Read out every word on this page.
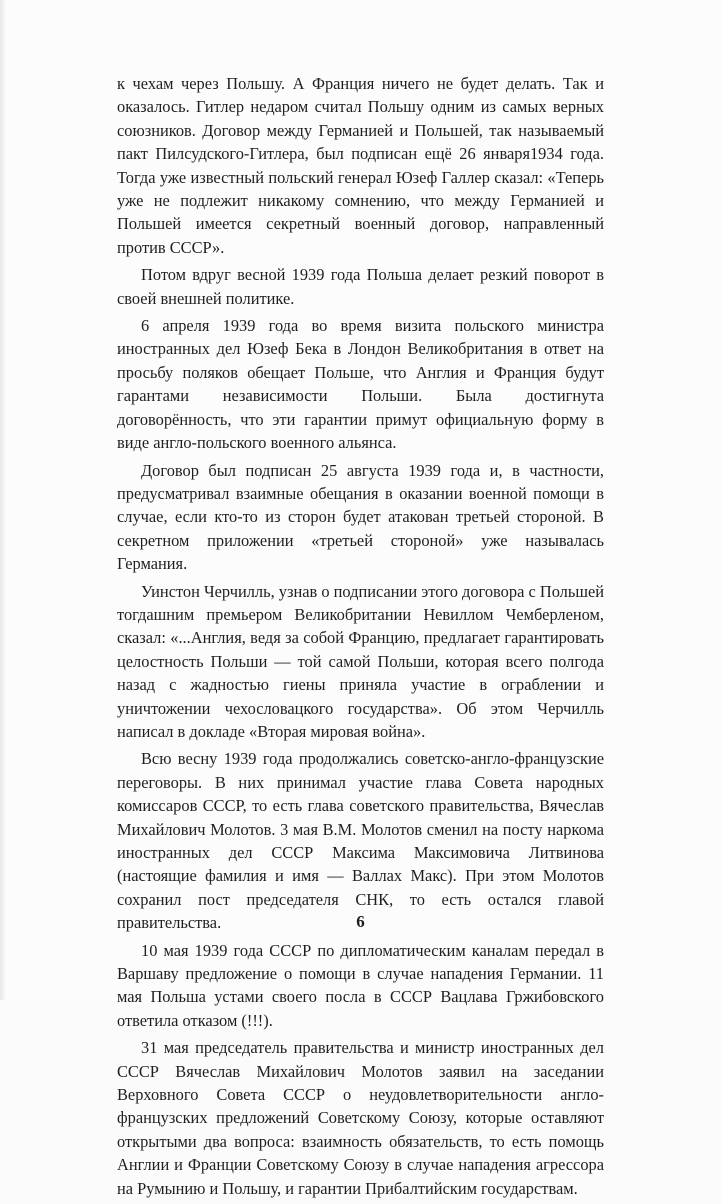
к чехам через Польшу. А Франция ничего не будет делать. Так и оказалось. Гитлер недаром считал Польшу одним из самых верных союзников. Договор между Германией и Польшей, так называемый пакт Пилсудского-Гитлера, был подписан ещё 26 января1934 года. Тогда уже известный польский генерал Юзеф Галлер сказал: «Теперь уже не подлежит никакому сомнению, что между Германией и Польшей имеется секретный военный договор, направленный против СССР».

Потом вдруг весной 1939 года Польша делает резкий поворот в своей внешней политике.

6 апреля 1939 года во время визита польского министра иностранных дел Юзеф Бека в Лондон Великобритания в ответ на просьбу поляков обещает Польше, что Англия и Франция будут гарантами независимости Польши. Была достигнута договорённость, что эти гарантии примут официальную форму в виде англо-польского военного альянса.

Договор был подписан 25 августа 1939 года и, в частности, предусматривал взаимные обещания в оказании военной помощи в случае, если кто-то из сторон будет атакован третьей стороной. В секретном приложении «третьей стороной» уже называлась Германия.

Уинстон Черчилль, узнав о подписании этого договора с Польшей тогдашним премьером Великобритании Невиллом Чемберленом, сказал: «...Англия, ведя за собой Францию, предлагает гарантировать целостность Польши — той самой Польши, которая всего полгода назад с жадностью гиены приняла участие в ограблении и уничтожении чехословацкого государства». Об этом Черчилль написал в докладе «Вторая мировая война».

Всю весну 1939 года продолжались советско-англо-французские переговоры. В них принимал участие глава Совета народных комиссаров СССР, то есть глава советского правительства, Вячеслав Михайлович Молотов. 3 мая В.М. Молотов сменил на посту наркома иностранных дел СССР Максима Максимовича Литвинова (настоящие фамилия и имя — Валлах Макс). При этом Молотов сохранил пост председателя СНК, то есть остался главой правительства.

10 мая 1939 года СССР по дипломатическим каналам передал в Варшаву предложение о помощи в случае нападения Германии. 11 мая Польша устами своего посла в СССР Вацлава Гржибовского ответила отказом (!!!).

31 мая председатель правительства и министр иностранных дел СССР Вячеслав Михайлович Молотов заявил на заседании Верховного Совета СССР о неудовлетворительности англо-французских предложений Советскому Союзу, которые оставляют открытыми два вопроса: взаимность обязательств, то есть помощь Англии и Франции Советскому Союзу в случае нападения агрессора на Румынию и Польшу, и гарантии Прибалтийским государствам.

6
